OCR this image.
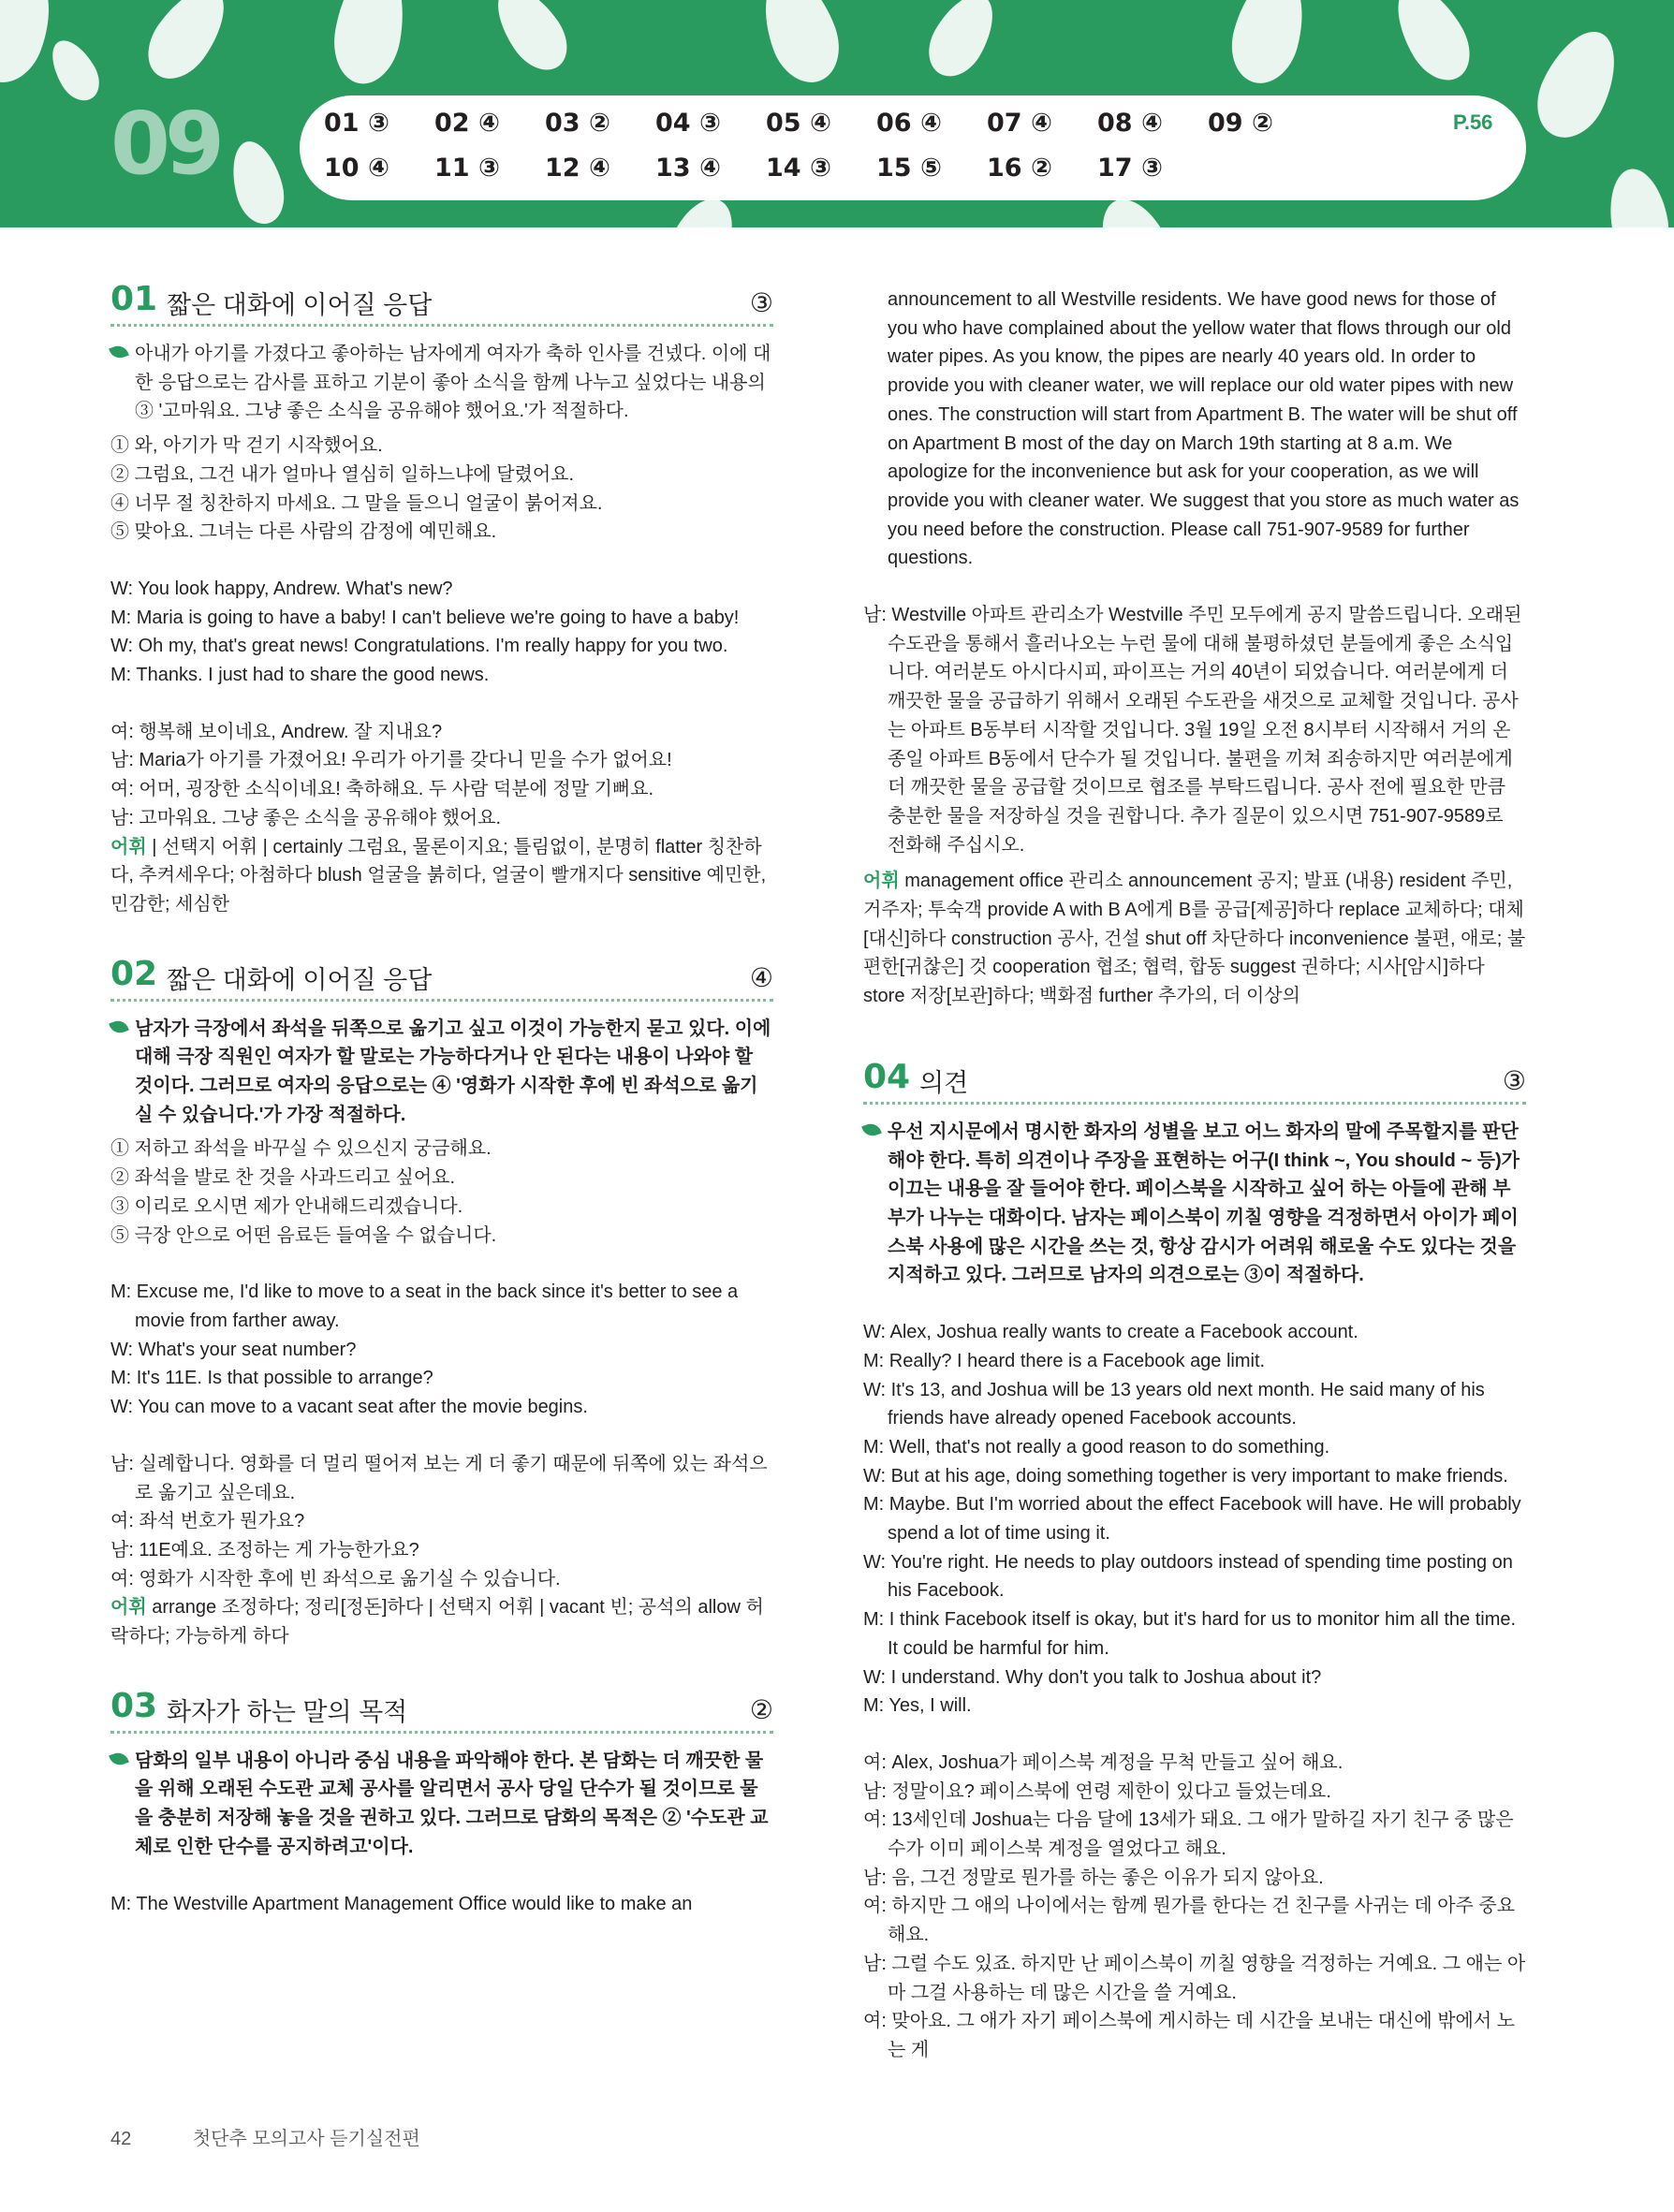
09	01 ③ 02 ④ 03 ② 04 ③ 05 ④ 06 ④ 07 ④ 08 ④ 09 ②
10 ④ 11 ③ 12 ④ 13 ④ 14 ③ 15 ⑤ 16 ② 17 ③
P.56
01 짧은 대화에 이어질 응답	③

아내가 아기를 가졌다고 좋아하는 남자에게 여자가 축하 인사를 건넸다. 이에 대한 응답으로는 감사를 표하고 기분이 좋아 소식을 함께 나누고 싶었다는 내용의 ③ '고마워요. 그냥 좋은 소식을 공유해야 했어요.'가 적절하다.

① 와, 아기가 막 걷기 시작했어요.

② 그럼요, 그건 내가 얼마나 열심히 일하느냐에 달렸어요.

④ 너무 절 칭찬하지 마세요. 그 말을 들으니 얼굴이 붉어져요.

⑤ 맞아요. 그녀는 다른 사람의 감정에 예민해요.

W: You look happy, Andrew. What's new?

M: Maria is going to have a baby! I can't believe we're going to have a baby!

W: Oh my, that's great news! Congratulations. I'm really happy for you two.

M: Thanks. I just had to share the good news.

여: 행복해 보이네요, Andrew. 잘 지내요?

남: Maria가 아기를 가졌어요! 우리가 아기를 갖다니 믿을 수가 없어요!

여: 어머, 굉장한 소식이네요! 축하해요. 두 사람 덕분에 정말 기뻐요.

남: 고마워요. 그냥 좋은 소식을 공유해야 했어요.

어휘 | 선택지 어휘 | certainly 그럼요, 물론이지요; 틀림없이, 분명히 flatter 칭찬하다, 추켜세우다; 아첨하다 blush 얼굴을 붉히다, 얼굴이 빨개지다 sensitive 예민한, 민감한; 세심한

02 짧은 대화에 이어질 응답	④

남자가 극장에서 좌석을 뒤쪽으로 옮기고 싶고 이것이 가능한지 묻고 있다. 이에 대해 극장 직원인 여자가 할 말로는 가능하다거나 안 된다는 내용이 나와야 할 것이다. 그러므로 여자의 응답으로는 ④ '영화가 시작한 후에 빈 좌석으로 옮기실 수 있습니다.'가 가장 적절하다.

① 저하고 좌석을 바꾸실 수 있으신지 궁금해요.

② 좌석을 발로 찬 것을 사과드리고 싶어요.

③ 이리로 오시면 제가 안내해드리겠습니다.

⑤ 극장 안으로 어떤 음료든 들여올 수 없습니다.

M: Excuse me, I'd like to move to a seat in the back since it's better to see a movie from farther away.

W: What's your seat number?

M: It's 11E. Is that possible to arrange?

W: You can move to a vacant seat after the movie begins.

남: 실례합니다. 영화를 더 멀리 떨어져 보는 게 더 좋기 때문에 뒤쪽에 있는 좌석으로 옮기고 싶은데요.

여: 좌석 번호가 뭔가요?

남: 11E예요. 조정하는 게 가능한가요?

여: 영화가 시작한 후에 빈 좌석으로 옮기실 수 있습니다.

어휘 arrange 조정하다; 정리[정돈]하다 | 선택지 어휘 | vacant 빈; 공석의 allow 허락하다; 가능하게 하다

03 화자가 하는 말의 목적	②

담화의 일부 내용이 아니라 중심 내용을 파악해야 한다. 본 담화는 더 깨끗한 물을 위해 오래된 수도관 교체 공사를 알리면서 공사 당일 단수가 될 것이므로 물을 충분히 저장해 놓을 것을 권하고 있다. 그러므로 담화의 목적은 ② '수도관 교체로 인한 단수를 공지하려고'이다.

M: The Westville Apartment Management Office would like to make an

announcement to all Westville residents. We have good news for those of you who have complained about the yellow water that flows through our old water pipes. As you know, the pipes are nearly 40 years old. In order to provide you with cleaner water, we will replace our old water pipes with new ones. The construction will start from Apartment B. The water will be shut off on Apartment B most of the day on March 19th starting at 8 a.m. We apologize for the inconvenience but ask for your cooperation, as we will provide you with cleaner water. We suggest that you store as much water as you need before the construction. Please call 751-907-9589 for further questions.

남: Westville 아파트 관리소가 Westville 주민 모두에게 공지 말씀드립니다. 오래된 수도관을 통해서 흘러나오는 누런 물에 대해 불평하셨던 분들에게 좋은 소식입니다. 여러분도 아시다시피, 파이프는 거의 40년이 되었습니다. 여러분에게 더 깨끗한 물을 공급하기 위해서 오래된 수도관을 새것으로 교체할 것입니다. 공사는 아파트 B동부터 시작할 것입니다. 3월 19일 오전 8시부터 시작해서 거의 온종일 아파트 B동에서 단수가 될 것입니다. 불편을 끼쳐 죄송하지만 여러분에게 더 깨끗한 물을 공급할 것이므로 협조를 부탁드립니다. 공사 전에 필요한 만큼 충분한 물을 저장하실 것을 권합니다. 추가 질문이 있으시면 751-907-9589로 전화해 주십시오.

어휘 management office 관리소 announcement 공지; 발표 (내용) resident 주민, 거주자; 투숙객 provide A with B A에게 B를 공급[제공]하다 replace 교체하다; 대체[대신]하다 construction 공사, 건설 shut off 차단하다 inconvenience 불편, 애로; 불편한[귀찮은] 것 cooperation 협조; 협력, 합동 suggest 권하다; 시사[암시]하다 store 저장[보관]하다; 백화점 further 추가의, 더 이상의

04 의견	③

우선 지시문에서 명시한 화자의 성별을 보고 어느 화자의 말에 주목할지를 판단해야 한다. 특히 의견이나 주장을 표현하는 어구(I think ~, You should ~ 등)가 이끄는 내용을 잘 들어야 한다. 페이스북을 시작하고 싶어 하는 아들에 관해 부부가 나누는 대화이다. 남자는 페이스북이 끼칠 영향을 걱정하면서 아이가 페이스북 사용에 많은 시간을 쓰는 것, 항상 감시가 어려워 해로울 수도 있다는 것을 지적하고 있다. 그러므로 남자의 의견으로는 ③이 적절하다.

W: Alex, Joshua really wants to create a Facebook account.

M: Really? I heard there is a Facebook age limit.

W: It's 13, and Joshua will be 13 years old next month. He said many of his friends have already opened Facebook accounts.

M: Well, that's not really a good reason to do something.

W: But at his age, doing something together is very important to make friends.

M: Maybe. But I'm worried about the effect Facebook will have. He will probably spend a lot of time using it.

W: You're right. He needs to play outdoors instead of spending time posting on his Facebook.

M: I think Facebook itself is okay, but it's hard for us to monitor him all the time. It could be harmful for him.

W: I understand. Why don't you talk to Joshua about it?

M: Yes, I will.

여: Alex, Joshua가 페이스북 계정을 무척 만들고 싶어 해요.

남: 정말이요? 페이스북에 연령 제한이 있다고 들었는데요.

여: 13세인데 Joshua는 다음 달에 13세가 돼요. 그 애가 말하길 자기 친구 중 많은 수가 이미 페이스북 계정을 열었다고 해요.

남: 음, 그건 정말로 뭔가를 하는 좋은 이유가 되지 않아요.

여: 하지만 그 애의 나이에서는 함께 뭔가를 한다는 건 친구를 사귀는 데 아주 중요해요.

남: 그럴 수도 있죠. 하지만 난 페이스북이 끼칠 영향을 걱정하는 거예요. 그 애는 아마 그걸 사용하는 데 많은 시간을 쓸 거예요.

여: 맞아요. 그 애가 자기 페이스북에 게시하는 데 시간을 보내는 대신에 밖에서 노는 게

42	첫단추 모의고사 듣기실전편
